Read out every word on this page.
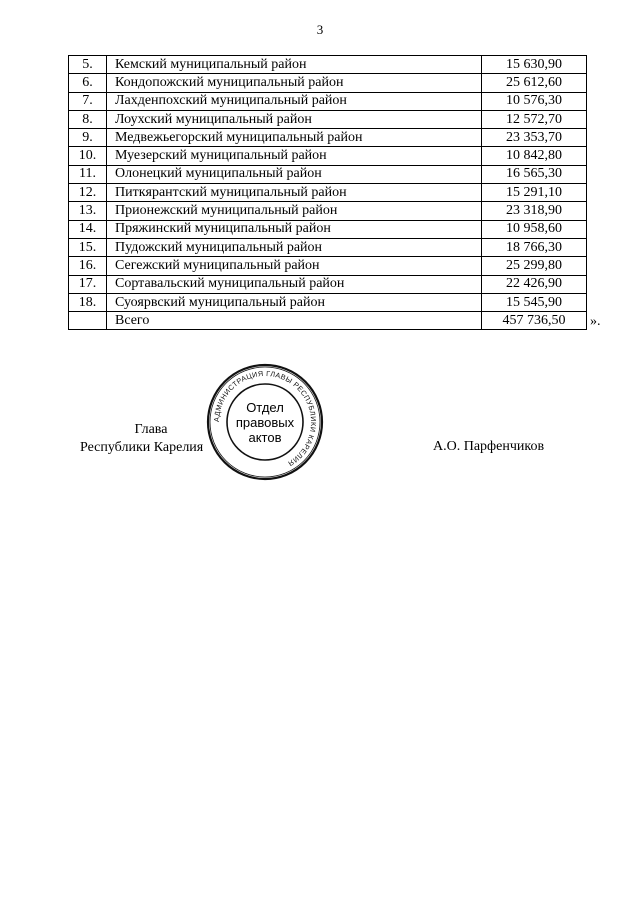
3
5.	Кемский муниципальный район	15 630,90
6.	Кондопожский муниципальный район	25 612,60
7.	Лахденпохский муниципальный район	10 576,30
8.	Лоухский муниципальный район	12 572,70
9.	Медвежьегорский муниципальный район	23 353,70
10.	Муезерский муниципальный район	10 842,80
11.	Олонецкий муниципальный район	16 565,30
12.	Питкярантский муниципальный район	15 291,10
13.	Прионежский муниципальный район	23 318,90
14.	Пряжинский муниципальный район	10 958,60
15.	Пудожский муниципальный район	18 766,30
16.	Сегежский муниципальный район	25 299,80
17.	Сортавальский муниципальный район	22 426,90
18.	Суоярвский муниципальный район	15 545,90
	Всего	457 736,50 ».
Глава
Республики Карелия
АДМИНИСТРАЦИЯ ГЛАВЫ РЕСПУБЛИКИ КАРЕЛИЯ
Отдел
правовых
актов
А.О. Парфенчиков
